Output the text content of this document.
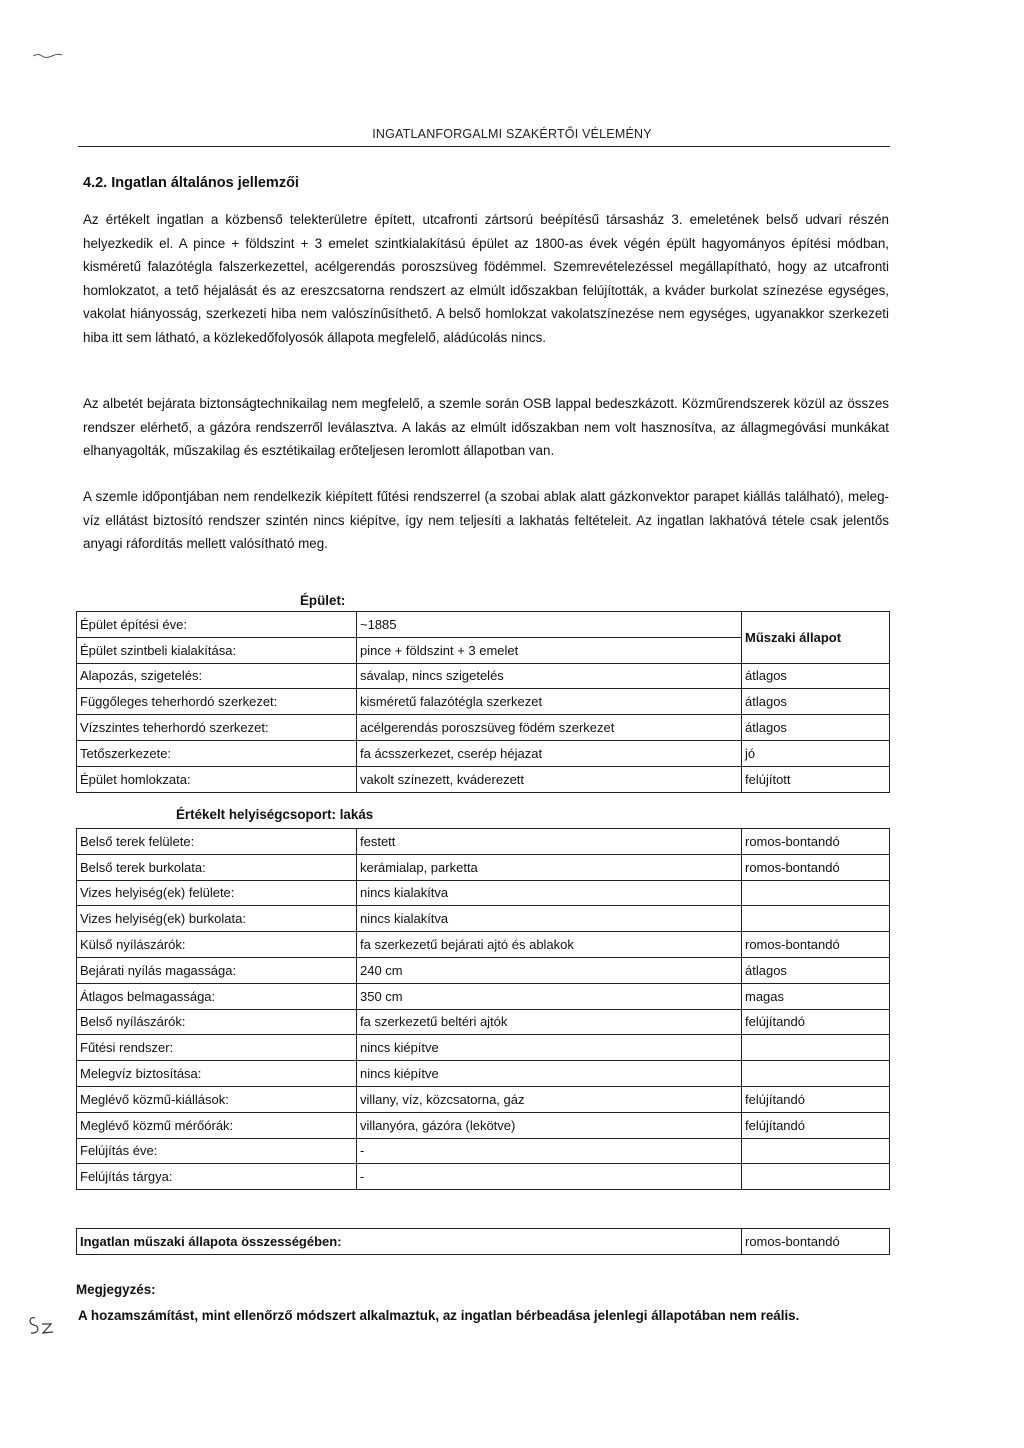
INGATLANFORGALMI SZAKÉRTŐI VÉLEMÉNY
4.2. Ingatlan általános jellemzői
Az értékelt ingatlan a közbenső telekterületre épített, utcafronti zártsorú beépítésű társasház 3. emeletének belső udvari részén helyezkedik el. A pince + földszint + 3 emelet szintkialakítású épület az 1800-as évek végén épült hagyományos építési módban, kisméretű falazótégla falszerkezettel, acélgerendás poroszsüveg födémmel. Szemrevételezéssel megállapítható, hogy az utcafronti homlokzatot, a tető héjalását és az ereszcsatorna rendszert az elmúlt időszakban felújították, a kváder burkolat színezése egységes, vakolat hiányosság, szerkezeti hiba nem valószínűsíthető. A belső homlokzat vakolatszínezése nem egységes, ugyanakkor szerkezeti hiba itt sem látható, a közlekedőfolyosók állapota megfelelő, aládúcolás nincs.
Az albetét bejárata biztonságtechnikailag nem megfelelő, a szemle során OSB lappal bedeszkázott. Közműrendszerek közül az összes rendszer elérhető, a gázóra rendszerről leválasztva. A lakás az elmúlt időszakban nem volt hasznosítva, az állagmegóvási munkákat elhanyagolták, műszakilag és esztétikailag erőteljesen leromlott állapotban van.
A szemle időpontjában nem rendelkezik kiépített fűtési rendszerrel (a szobai ablak alatt gázkonvektor parapet kiállás található), meleg-víz ellátást biztosító rendszer szintén nincs kiépítve, így nem teljesíti a lakhatás feltételeit. Az ingatlan lakhatóvá tétele csak jelentős anyagi ráfordítás mellett valósítható meg.
Épület:
Épület építési éve:	~1885	Műszaki állapot
Épület szintbeli kialakítása:	pince + földszint + 3 emelet	
Alapozás, szigetelés:	sávalap, nincs szigetelés	átlagos
Függőleges teherhordó szerkezet:	kisméretű falazótégla szerkezet	átlagos
Vízszintes teherhordó szerkezet:	acélgerendás poroszsüveg födém szerkezet	átlagos
Tetőszerkezete:	fa ácsszerkezet, cserép héjazat	jó
Épület homlokzata:	vakolt színezett, kváderezett	felújított
Értékelt helyiségcsoport: lakás
Belső terek felülete:	festett	romos-bontandó
Belső terek burkolata:	kerámialap, parketta	romos-bontandó
Vizes helyiség(ek) felülete:	nincs kialakítva	
Vizes helyiség(ek) burkolata:	nincs kialakítva	
Külső nyílászárók:	fa szerkezetű bejárati ajtó és ablakok	romos-bontandó
Bejárati nyílás magassága:	240 cm	átlagos
Átlagos belmagassága:	350 cm	magas
Belső nyílászárók:	fa szerkezetű beltéri ajtók	felújítandó
Fűtési rendszer:	nincs kiépítve	
Melegvíz biztosítása:	nincs kiépítve	
Meglévő közmű-kiállások:	villany, víz, közcsatorna, gáz	felújítandó
Meglévő közmű mérőórák:	villanyóra, gázóra (lekötve)	felújítandó
Felújítás éve:	-	
Felújítás tárgya:	-	
Ingatlan műszaki állapota összességében:	romos-bontandó
Megjegyzés:
A hozamszámítást, mint ellenőrző módszert alkalmaztuk, az ingatlan bérbeadása jelenlegi állapotában nem reális.
